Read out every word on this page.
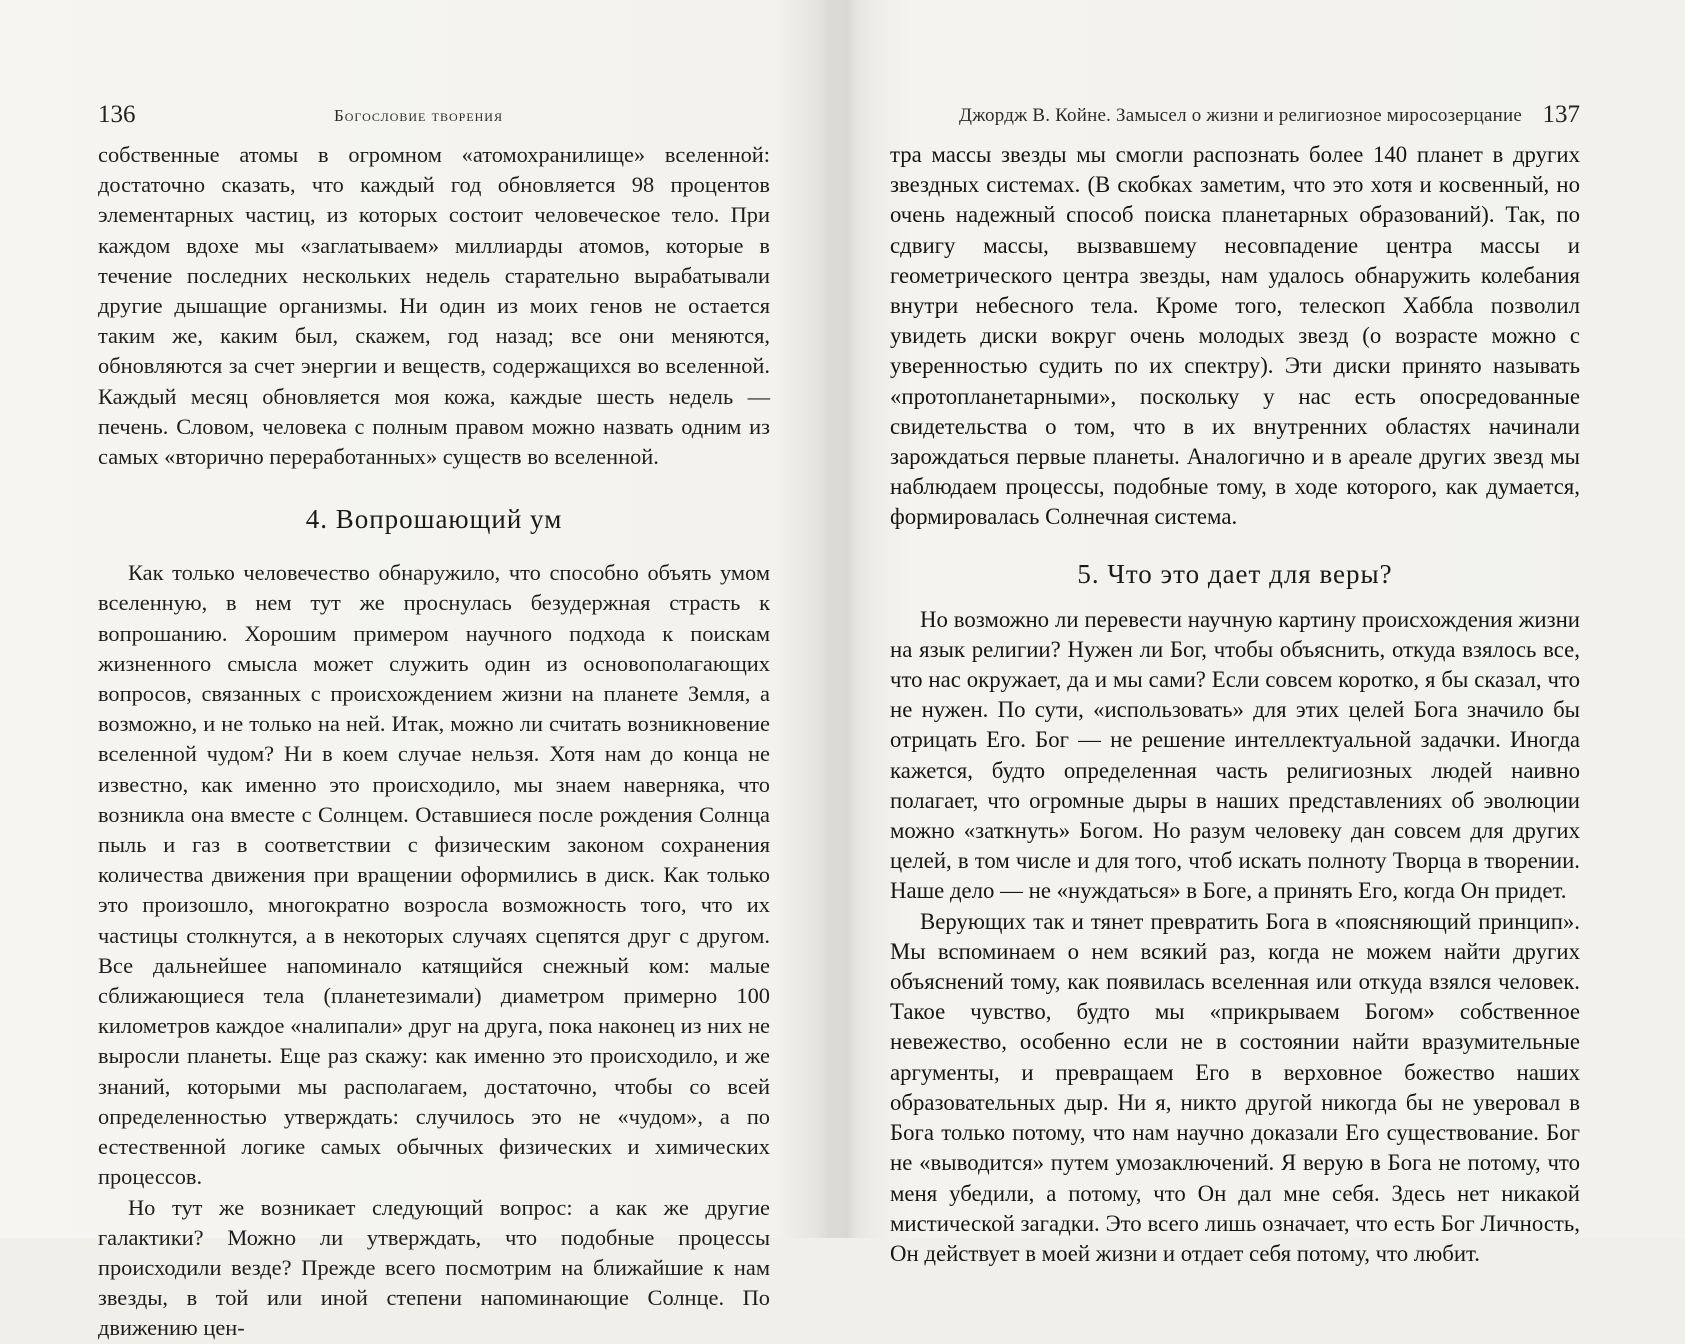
136	Богословие творения

собственные атомы в огромном «атомохранилище» вселенной: достаточно сказать, что каждый год обновляется 98 процентов элементарных частиц, из которых состоит человеческое тело. При каждом вдохе мы «заглатываем» миллиарды атомов, которые в течение последних нескольких недель старательно вырабатывали другие дышащие организмы. Ни один из моих генов не остается таким же, каким был, скажем, год назад; все они меняются, обновляются за счет энергии и веществ, содержащихся во вселенной. Каждый месяц обновляется моя кожа, каждые шесть недель — печень. Словом, человека с полным правом можно назвать одним из самых «вторично переработанных» существ во вселенной.

4. Вопрошающий ум

Как только человечество обнаружило, что способно объять умом вселенную, в нем тут же проснулась безудержная страсть к вопрошанию. Хорошим примером научного подхода к поискам жизненного смысла может служить один из основополагающих вопросов, связанных с происхождением жизни на планете Земля, а возможно, и не только на ней. Итак, можно ли считать возникновение вселенной чудом? Ни в коем случае нельзя. Хотя нам до конца не известно, как именно это происходило, мы знаем наверняка, что возникла она вместе с Солнцем. Оставшиеся после рождения Солнца пыль и газ в соответствии с физическим законом сохранения количества движения при вращении оформились в диск. Как только это произошло, многократно возросла возможность того, что их частицы столкнутся, а в некоторых случаях сцепятся друг с другом. Все дальнейшее напоминало катящийся снежный ком: малые сближающиеся тела (планетезимали) диаметром примерно 100 километров каждое «налипали» друг на друга, пока наконец из них не выросли планеты. Еще раз скажу: как именно это происходило, и же знаний, которыми мы располагаем, достаточно, чтобы со всей определенностью утверждать: случилось это не «чудом», а по естественной логике самых обычных физических и химических процессов.

Но тут же возникает следующий вопрос: а как же другие галактики? Можно ли утверждать, что подобные процессы происходили везде? Прежде всего посмотрим на ближайшие к нам звезды, в той или иной степени напоминающие Солнце. По движению цен-

Джордж В. Койне. Замысел о жизни и религиозное миросозерцание 137

тра массы звезды мы смогли распознать более 140 планет в других звездных системах. (В скобках заметим, что это хотя и косвенный, но очень надежный способ поиска планетарных образований). Так, по сдвигу массы, вызвавшему несовпадение центра массы и геометрического центра звезды, нам удалось обнаружить колебания внутри небесного тела. Кроме того, телескоп Хаббла позволил увидеть диски вокруг очень молодых звезд (о возрасте можно с уверенностью судить по их спектру). Эти диски принято называть «протопланетарными», поскольку у нас есть опосредованные свидетельства о том, что в их внутренних областях начинали зарождаться первые планеты. Аналогично и в ареале других звезд мы наблюдаем процессы, подобные тому, в ходе которого, как думается, формировалась Солнечная система.

5. Что это дает для веры?

Но возможно ли перевести научную картину происхождения жизни на язык религии? Нужен ли Бог, чтобы объяснить, откуда взялось все, что нас окружает, да и мы сами? Если совсем коротко, я бы сказал, что не нужен. По сути, «использовать» для этих целей Бога значило бы отрицать Его. Бог — не решение интеллектуальной задачки. Иногда кажется, будто определенная часть религиозных людей наивно полагает, что огромные дыры в наших представлениях об эволюции можно «заткнуть» Богом. Но разум человеку дан совсем для других целей, в том числе и для того, чтоб искать полноту Творца в творении. Наше дело — не «нуждаться» в Боге, а принять Его, когда Он придет.

Верующих так и тянет превратить Бога в «поясняющий принцип». Мы вспоминаем о нем всякий раз, когда не можем найти других объяснений тому, как появилась вселенная или откуда взялся человек. Такое чувство, будто мы «прикрываем Богом» собственное невежество, особенно если не в состоянии найти вразумительные аргументы, и превращаем Его в верховное божество наших образовательных дыр. Ни я, никто другой никогда бы не уверовал в Бога только потому, что нам научно доказали Его существование. Бог не «выводится» путем умозаключений. Я верую в Бога не потому, что меня убедили, а потому, что Он дал мне себя. Здесь нет никакой мистической загадки. Это всего лишь означает, что есть Бог Личность, Он действует в моей жизни и отдает себя потому, что любит.
